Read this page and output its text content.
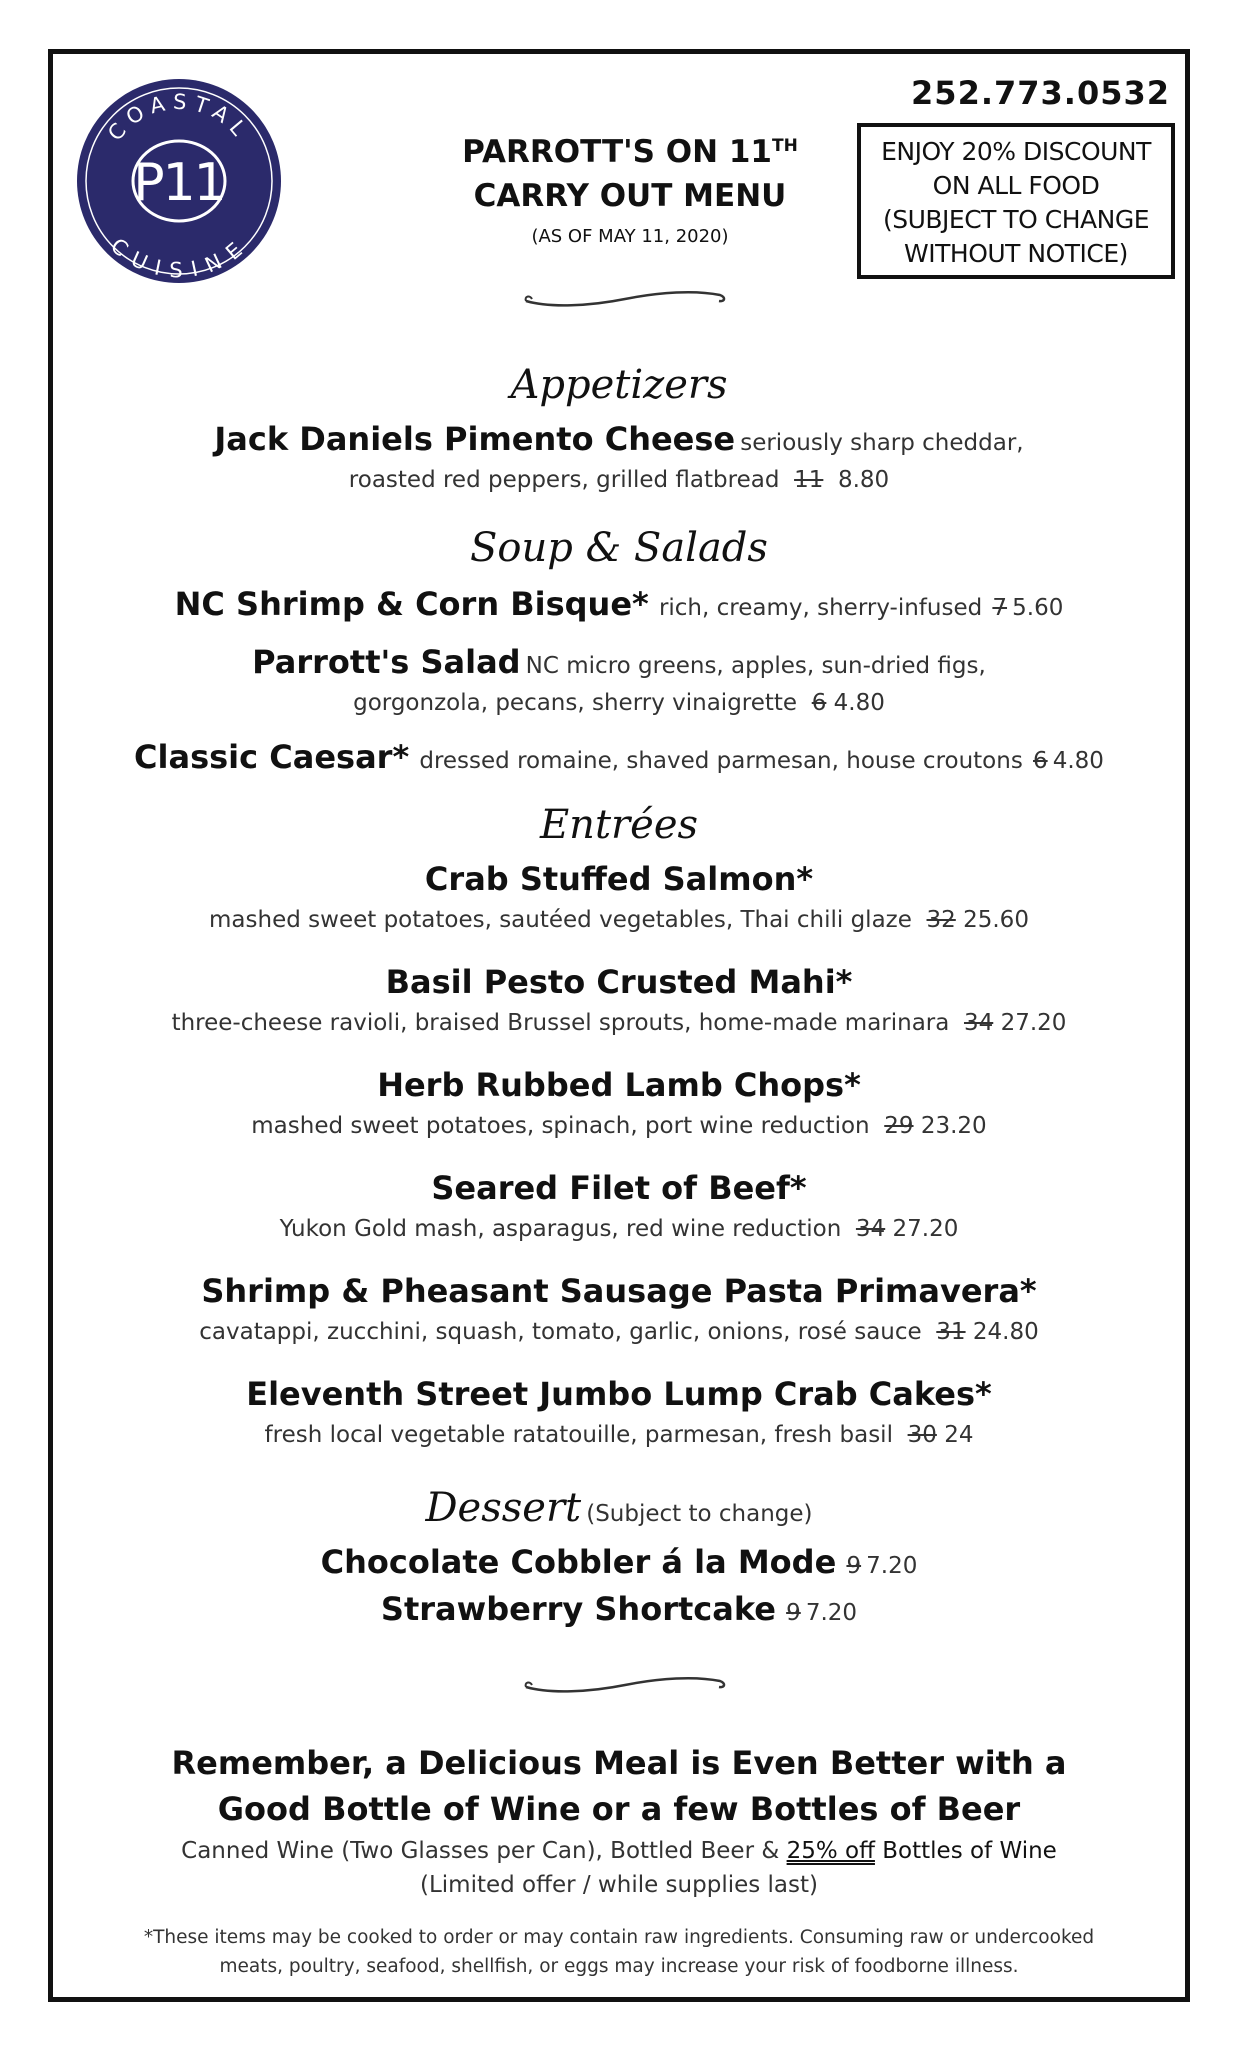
COASTAL
CUISINE
P11
PARROTT'S ON 11TH
CARRY OUT MENU
(AS OF MAY 11, 2020)
252.773.0532
ENJOY 20% DISCOUNT
ON ALL FOOD
(SUBJECT TO CHANGE
WITHOUT NOTICE)
Appetizers
Jack Daniels Pimento Cheese seriously sharp cheddar,
roasted red peppers, grilled flatbread 11 8.80
Soup & Salads
NC Shrimp & Corn Bisque* rich, creamy, sherry-infused 7 5.60
Parrott's Salad NC micro greens, apples, sun-dried figs,
gorgonzola, pecans, sherry vinaigrette 6 4.80
Classic Caesar* dressed romaine, shaved parmesan, house croutons 6 4.80
Entrées
Crab Stuffed Salmon*
mashed sweet potatoes, sautéed vegetables, Thai chili glaze 32 25.60
Basil Pesto Crusted Mahi*
three-cheese ravioli, braised Brussel sprouts, home-made marinara 34 27.20
Herb Rubbed Lamb Chops*
mashed sweet potatoes, spinach, port wine reduction 29 23.20
Seared Filet of Beef*
Yukon Gold mash, asparagus, red wine reduction 34 27.20
Shrimp & Pheasant Sausage Pasta Primavera*
cavatappi, zucchini, squash, tomato, garlic, onions, rosé sauce 31 24.80
Eleventh Street Jumbo Lump Crab Cakes*
fresh local vegetable ratatouille, parmesan, fresh basil 30 24
Dessert (Subject to change)
Chocolate Cobbler á la Mode 9 7.20
Strawberry Shortcake 9 7.20
Remember, a Delicious Meal is Even Better with a
Good Bottle of Wine or a few Bottles of Beer
Canned Wine (Two Glasses per Can), Bottled Beer & 25% off Bottles of Wine
(Limited offer / while supplies last)
*These items may be cooked to order or may contain raw ingredients. Consuming raw or undercooked
meats, poultry, seafood, shellfish, or eggs may increase your risk of foodborne illness.
